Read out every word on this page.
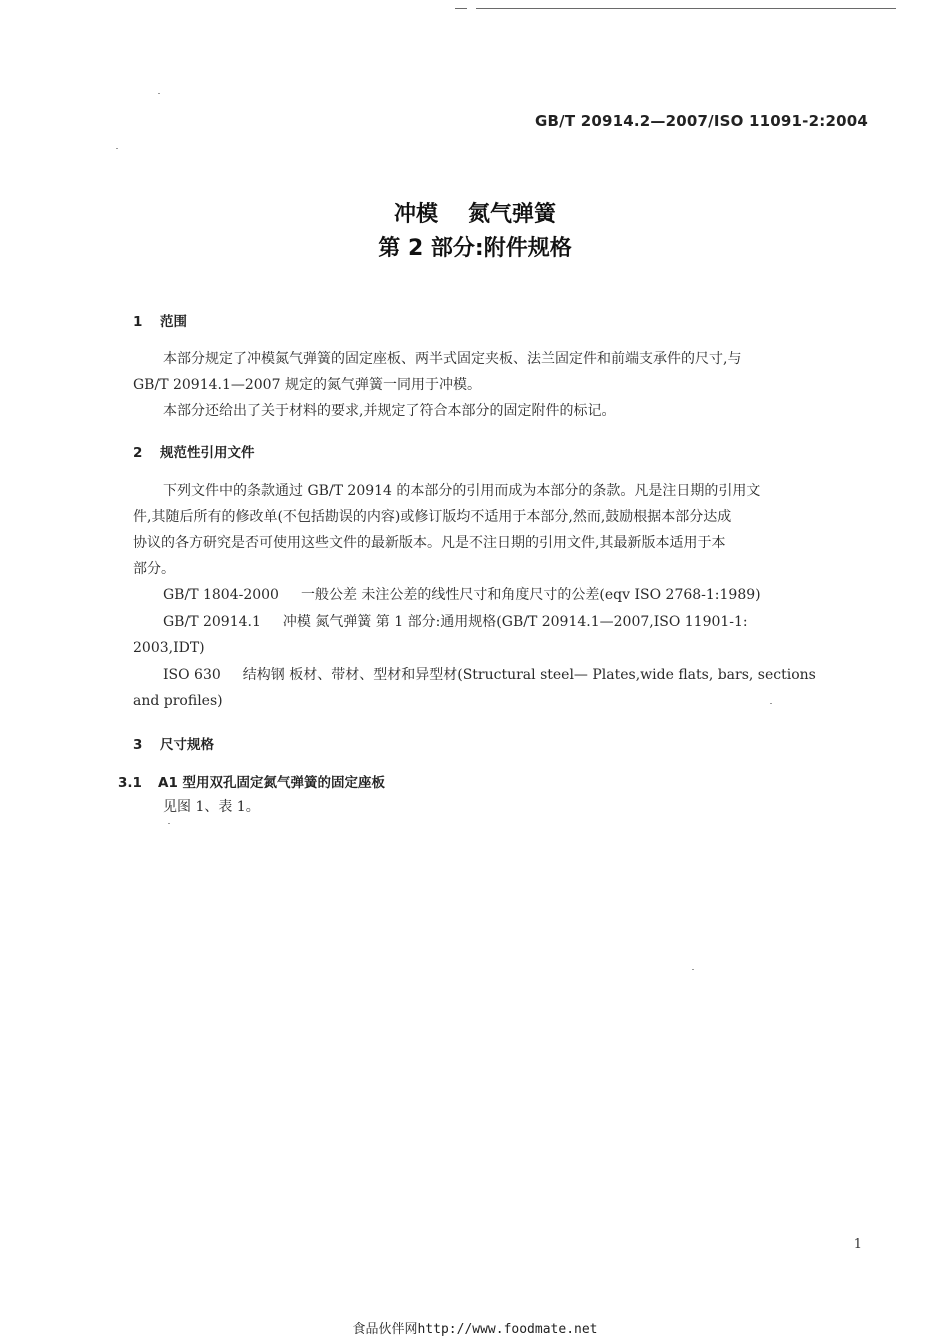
GB/T 20914.2—2007/ISO 11091-2:2004
冲模 氮气弹簧
第 2 部分:附件规格
1 范围
本部分规定了冲模氮气弹簧的固定座板、两半式固定夹板、法兰固定件和前端支承件的尺寸,与
GB/T 20914.1—2007 规定的氮气弹簧一同用于冲模。
本部分还给出了关于材料的要求,并规定了符合本部分的固定附件的标记。
2 规范性引用文件
下列文件中的条款通过 GB/T 20914 的本部分的引用而成为本部分的条款。凡是注日期的引用文
件,其随后所有的修改单(不包括勘误的内容)或修订版均不适用于本部分,然而,鼓励根据本部分达成
协议的各方研究是否可使用这些文件的最新版本。凡是不注日期的引用文件,其最新版本适用于本
部分。
GB/T 1804-2000 一般公差 未注公差的线性尺寸和角度尺寸的公差(eqv ISO 2768-1:1989)
GB/T 20914.1 冲模 氮气弹簧 第 1 部分:通用规格(GB/T 20914.1—2007,ISO 11901-1:
2003,IDT)
ISO 630 结构钢 板材、带材、型材和异型材(Structural steel— Plates,wide flats, bars, sections
and profiles)
3 尺寸规格
3.1 A1 型用双孔固定氮气弹簧的固定座板
见图 1、表 1。
1
食品伙伴网http://www.foodmate.net
